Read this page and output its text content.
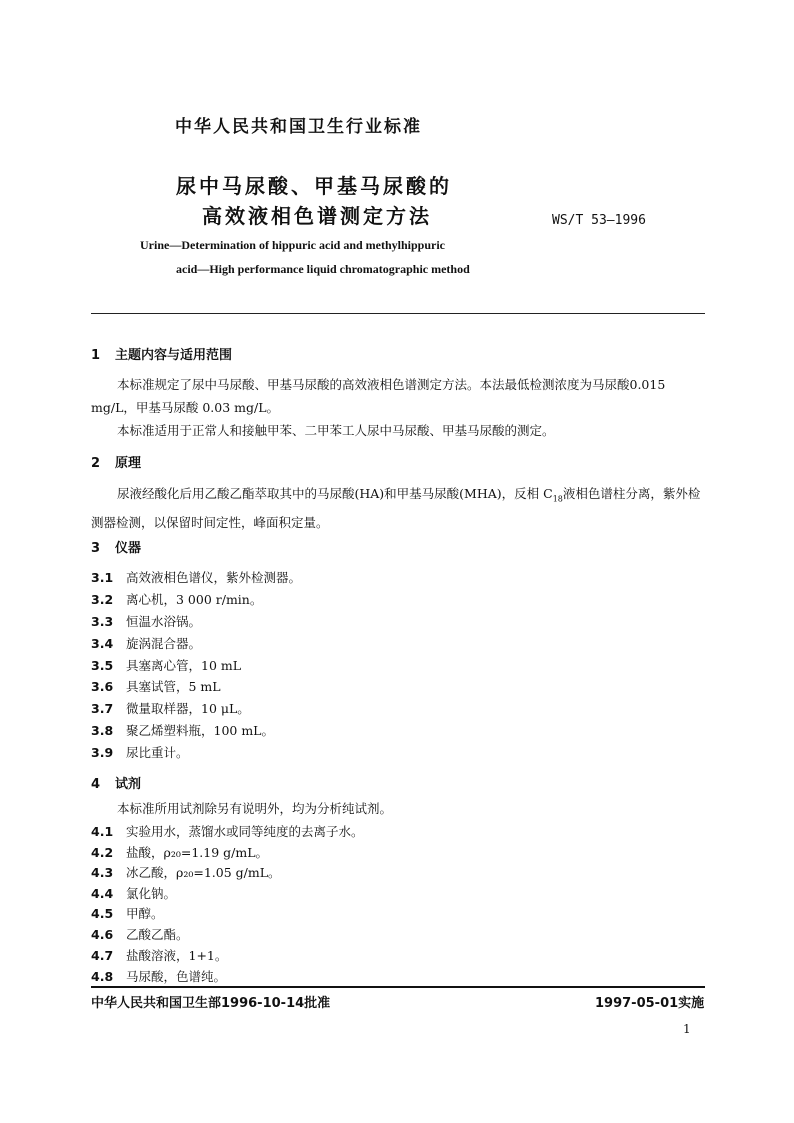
中华人民共和国卫生行业标准
尿中马尿酸、甲基马尿酸的
高效液相色谱测定方法	WS/T 53—1996
Urine—Determination of hippuric acid and methylhippuric
acid—High performance liquid chromatographic method
1 主题内容与适用范围
本标准规定了尿中马尿酸、甲基马尿酸的高效液相色谱测定方法。本法最低检测浓度为马尿酸0.015 mg/L，甲基马尿酸 0.03 mg/L。
本标准适用于正常人和接触甲苯、二甲苯工人尿中马尿酸、甲基马尿酸的测定。
2 原理
尿液经酸化后用乙酸乙酯萃取其中的马尿酸(HA)和甲基马尿酸(MHA)，反相 $C_{18}$液相色谱柱分离，紫外检测器检测，以保留时间定性，峰面积定量。
3 仪器
3.1 高效液相色谱仪，紫外检测器。
3.2 离心机，3 000 r/min。
3.3 恒温水浴锅。
3.4 旋涡混合器。
3.5 具塞离心管，10 mL
3.6 具塞试管，5 mL
3.7 微量取样器，10 μL。
3.8 聚乙烯塑料瓶，100 mL。
3.9 尿比重计。
4 试剂
本标准所用试剂除另有说明外，均为分析纯试剂。
4.1 实验用水，蒸馏水或同等纯度的去离子水。
4.2 盐酸，ρ₂₀=1.19 g/mL。
4.3 冰乙酸，ρ₂₀=1.05 g/mL。
4.4 氯化钠。
4.5 甲醇。
4.6 乙酸乙酯。
4.7 盐酸溶液，1+1。
4.8 马尿酸，色谱纯。
中华人民共和国卫生部1996-10-14批准	1997-05-01实施
1
